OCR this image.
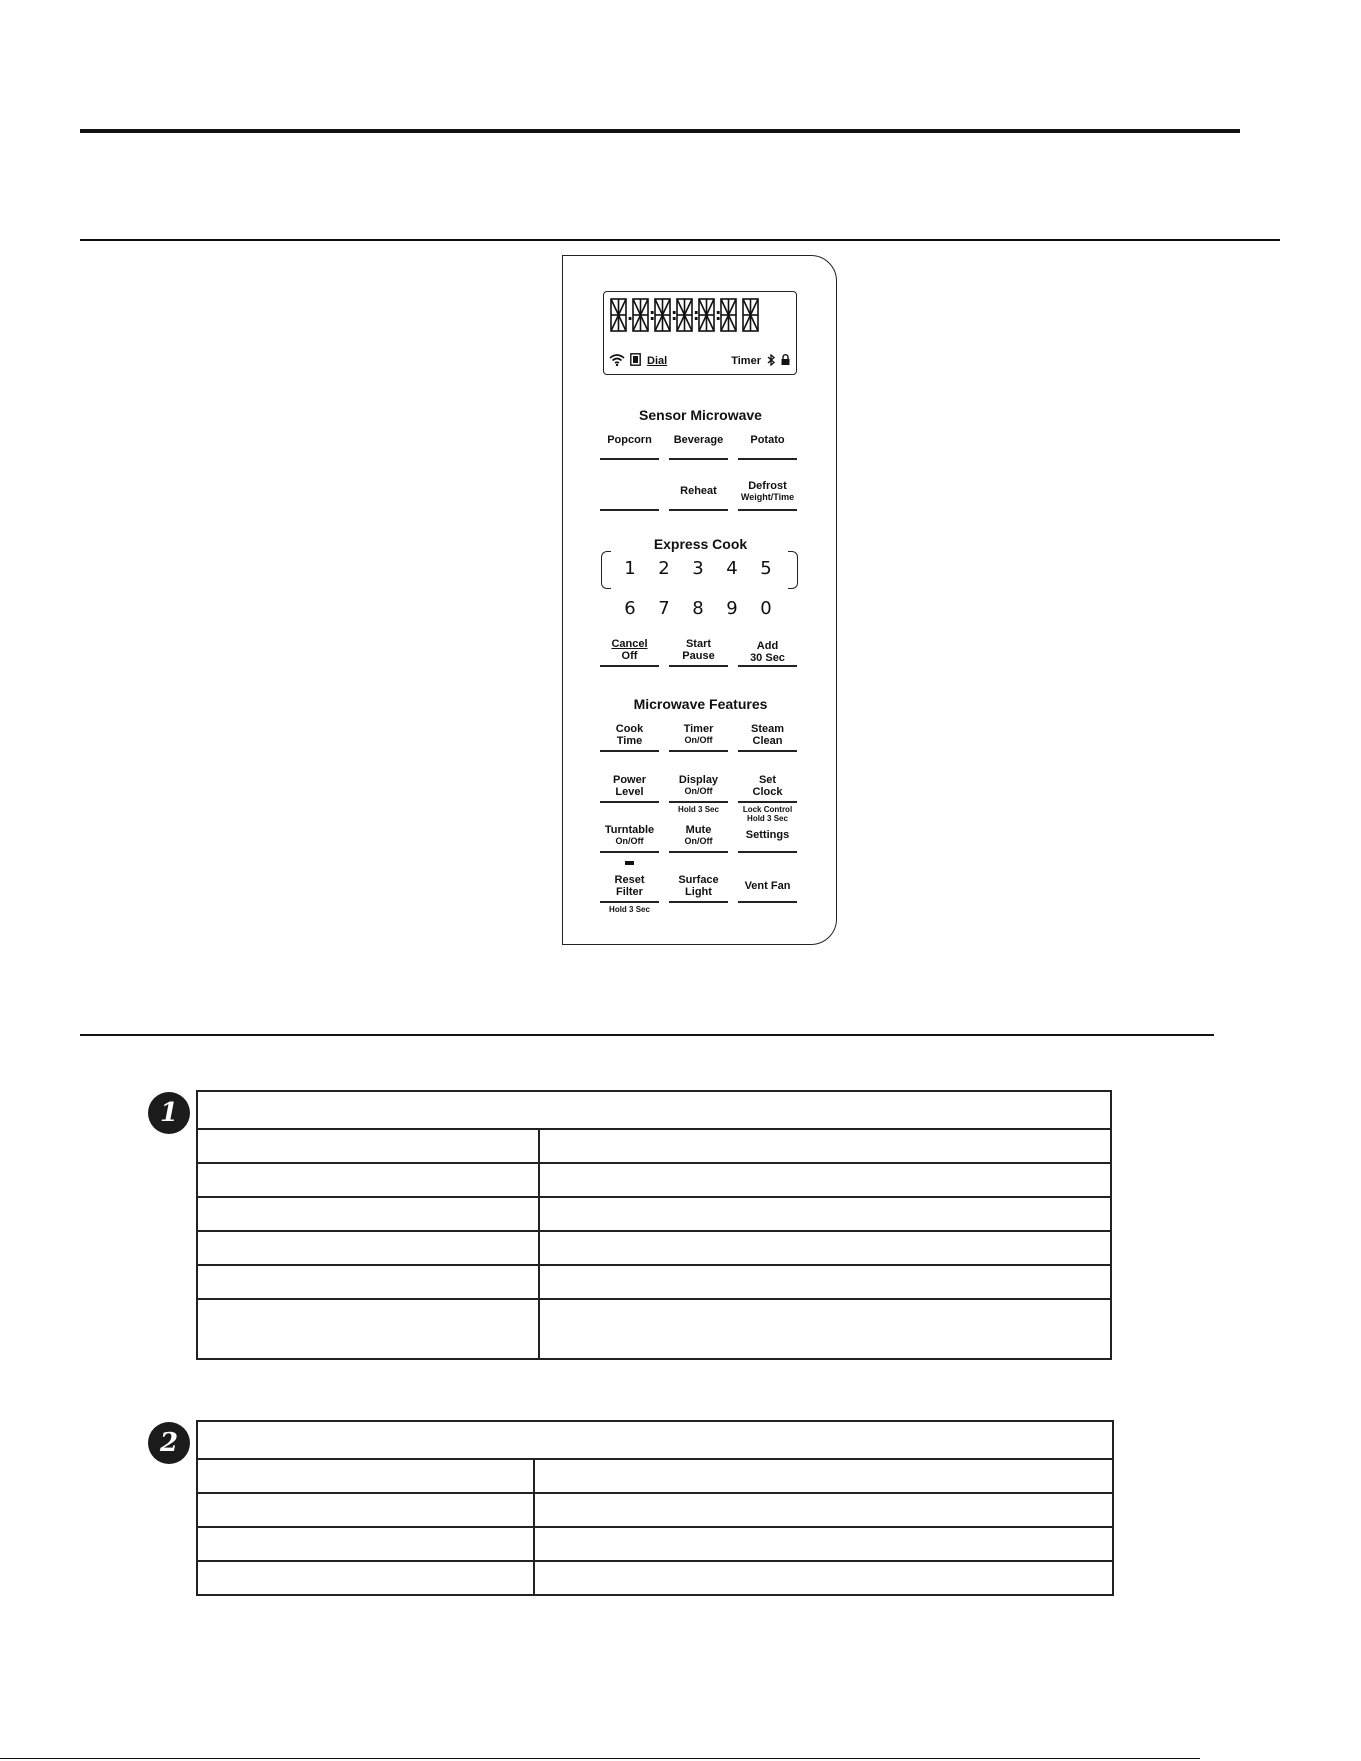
. : : : :
Dial	Timer
Sensor Microwave
Popcorn	Beverage	Potato
Reheat	Defrost
Weight/Time
Express Cook
1 2 3 4 5
6 7 8 9 0
Cancel
Off
Start
Pause
Add
30 Sec
Microwave Features
Cook
Time
Timer
On/Off
Steam
Clean
Power
Level
Display
On/Off
Set
Clock
Hold 3 Sec	Lock Control
Hold 3 Sec
Turntable
On/Off
Mute
On/Off	Settings
Reset
Filter
Hold 3 Sec
Surface
Light	Vent Fan
1

2
